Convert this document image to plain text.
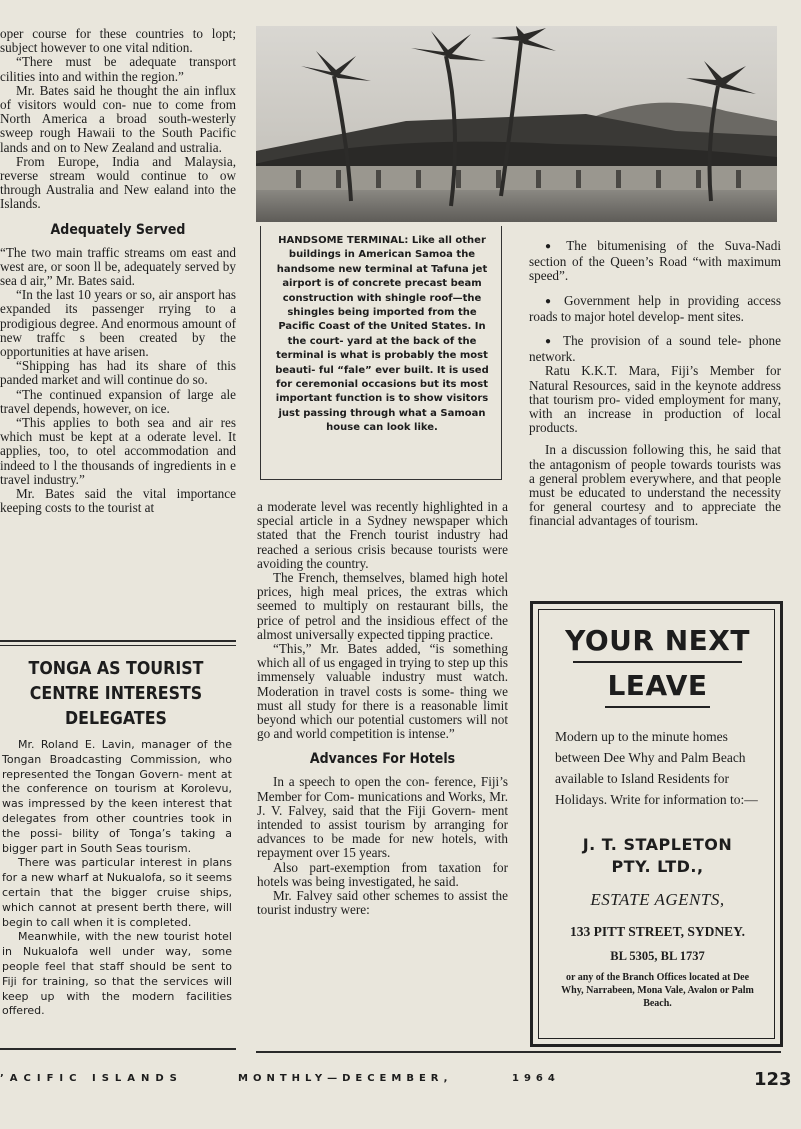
oper course for these countries to lopt; subject however to one vital ndition.

“There must be adequate transport cilities into and within the region.”

Mr. Bates said he thought the ain influx of visitors would con- nue to come from North America a broad south-westerly sweep rough Hawaii to the South Pacific lands and on to New Zealand and ustralia.

From Europe, India and Malaysia, reverse stream would continue to ow through Australia and New ealand into the Islands.

Adequately Served

“The two main traffic streams om east and west are, or soon ll be, adequately served by sea d air,” Mr. Bates said.

“In the last 10 years or so, air ansport has expanded its passenger rrying to a prodigious degree. And enormous amount of new traffc s been created by the opportunities at have arisen.

“Shipping has had its share of this panded market and will continue do so.

“The continued expansion of large ale travel depends, however, on ice.

“This applies to both sea and air res which must be kept at a oderate level. It applies, too, to otel accommodation and indeed to l the thousands of ingredients in e travel industry.”

Mr. Bates said the vital importance keeping costs to the tourist at

TONGA AS TOURIST

CENTRE INTERESTS

DELEGATES

Mr. Roland E. Lavin, manager of the Tongan Broadcasting Commission, who represented the Tongan Govern- ment at the conference on tourism at Korolevu, was impressed by the keen interest that delegates from other countries took in the possi- bility of Tonga’s taking a bigger part in South Seas tourism.

There was particular interest in plans for a new wharf at Nukualofa, so it seems certain that the bigger cruise ships, which cannot at present berth there, will begin to call when it is completed.

Meanwhile, with the new tourist hotel in Nukualofa well under way, some people feel that staff should be sent to Fiji for training, so that the services will keep up with the modern facilities offered.

HANDSOME TERMINAL: Like all other buildings in American Samoa the handsome new terminal at Tafuna jet airport is of concrete precast beam construction with shingle roof—the shingles being imported from the Pacific Coast of the United States. In the court- yard at the back of the terminal is what is probably the most beauti- ful “fale” ever built. It is used for ceremonial occasions but its most important function is to show visitors just passing through what a Samoan house can look like.

a moderate level was recently highlighted in a special article in a Sydney newspaper which stated that the French tourist industry had reached a serious crisis because tourists were avoiding the country.

The French, themselves, blamed high hotel prices, high meal prices, the extras which seemed to multiply on restaurant bills, the price of petrol and the insidious effect of the almost universally expected tipping practice.

“This,” Mr. Bates added, “is something which all of us engaged in trying to step up this immensely valuable industry must watch. Moderation in travel costs is some- thing we must all study for there is a reasonable limit beyond which our potential customers will not go and world competition is intense.”

Advances For Hotels

In a speech to open the con- ference, Fiji’s Member for Com- munications and Works, Mr. J. V. Falvey, said that the Fiji Govern- ment intended to assist tourism by arranging for advances to be made for new hotels, with repayment over 15 years.

Also part-exemption from taxation for hotels was being investigated, he said.

Mr. Falvey said other schemes to assist the tourist industry were:

● The bitumenising of the Suva-Nadi section of the Queen’s Road “with maximum speed”.

● Government help in providing access roads to major hotel develop- ment sites.

● The provision of a sound tele- phone network.

Ratu K.K.T. Mara, Fiji’s Member for Natural Resources, said in the keynote address that tourism pro- vided employment for many, with an increase in production of local products.

In a discussion following this, he said that the antagonism of people towards tourists was a general problem everywhere, and that people must be educated to understand the necessity for general courtesy and to appreciate the financial advantages of tourism.

YOUR NEXT

LEAVE

Modern up to the minute homes between Dee Why and Palm Beach available to Island Residents for Holidays. Write for information to:—

J. T. STAPLETON

PTY. LTD.,

ESTATE AGENTS,

133 PITT STREET, SYDNEY.

BL 5305, BL 1737

or any of the Branch Offices located at Dee Why, Narrabeen, Mona Vale, Avalon or Palm Beach.

’ACIFIC ISLANDS	MONTHLY—DECEMBER,	1964	123
